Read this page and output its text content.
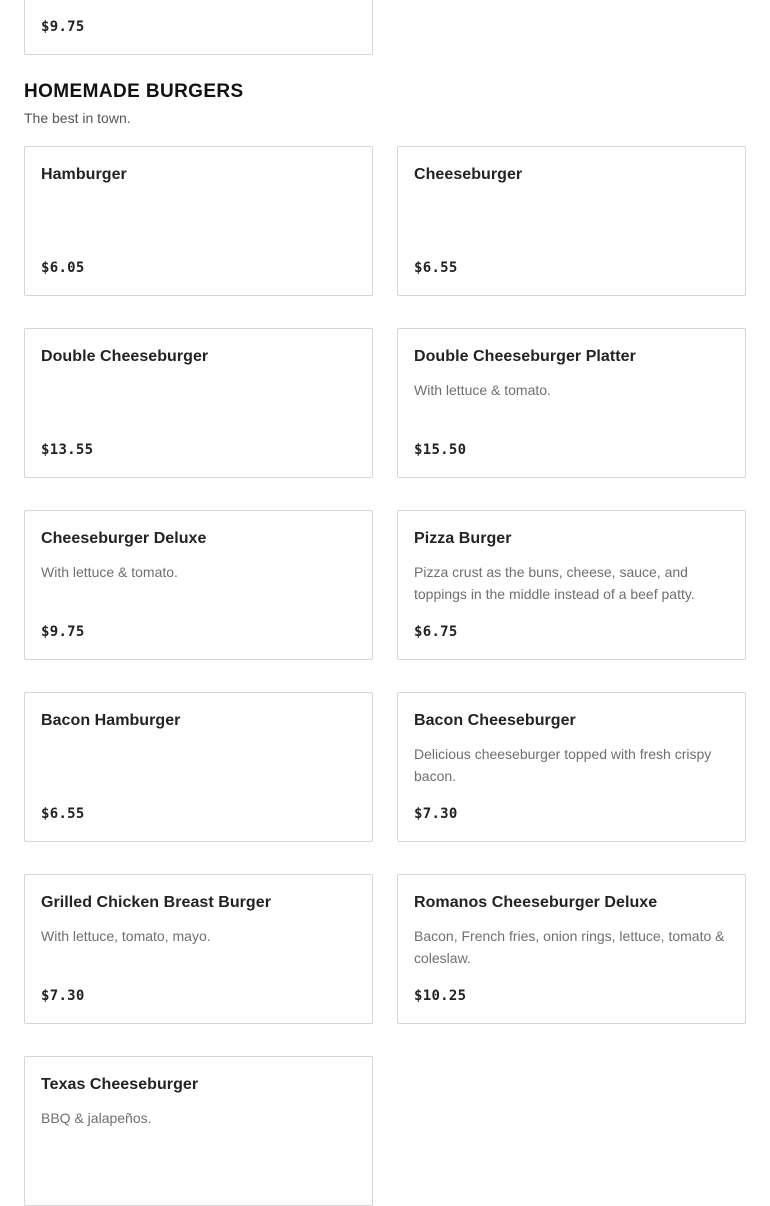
$9.75
HOMEMADE BURGERS

The best in town.

Hamburger
$6.05
Cheeseburger
$6.55
Double Cheeseburger
$13.55
Double Cheeseburger Platter
With lettuce & tomato.
$15.50
Cheeseburger Deluxe
With lettuce & tomato.
$9.75
Pizza Burger
Pizza crust as the buns, cheese, sauce, and toppings in the middle instead of a beef patty.
$6.75
Bacon Hamburger
$6.55
Bacon Cheeseburger
Delicious cheeseburger topped with fresh crispy bacon.
$7.30
Grilled Chicken Breast Burger
With lettuce, tomato, mayo.
$7.30
Romanos Cheeseburger Deluxe
Bacon, French fries, onion rings, lettuce, tomato & coleslaw.
$10.25
Texas Cheeseburger
BBQ & jalapeños.
